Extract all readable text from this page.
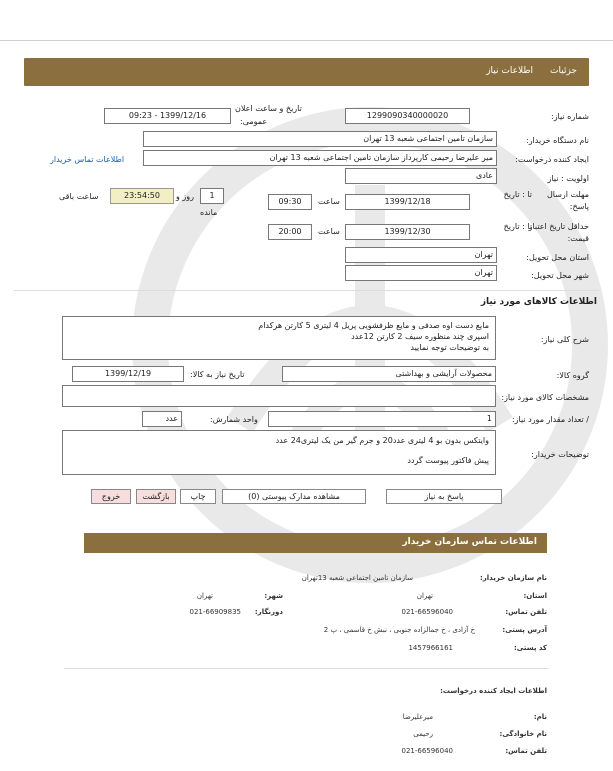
جزئیات
اطلاعات نیاز
شماره نیاز:
1299090340000020
تاریخ و ساعت اعلان
عمومی:
1399/12/16 - 09:23
نام دستگاه خریدار:
سازمان تامین اجتماعی شعبه 13 تهران
ایجاد کننده درخواست:
میر علیرضا رحیمی کارپرداز سازمان تامین اجتماعی شعبه 13 تهران
اطلاعات تماس خریدار
اولویت : نیاز
عادی
مهلت ارسال
پاسخ:
تا : تاریخ
1399/12/18
ساعت
09:30
1
روز و
مانده
23:54:50
ساعت باقی
حداقل تاریخ اعتبار
قیمت:
تا : تاریخ
1399/12/30
ساعت
20:00
استان محل تحویل:
تهران
شهر محل تحویل:
تهران
اطلاعات کالاهای مورد نیاز
شرح کلی نیاز:
مایع دست اوه صدفی و مایع ظرفشویی پریل 4 لیتری 5 کارتن هرکدام
اسپری چند منظوره سیف 2 کارتن 12عدد
به توضیحات توجه نمایید
گروه کالا:
محصولات آرایشی و بهداشتی
تاریخ نیاز به کالا:
1399/12/19
مشخصات کالای مورد نیاز:
/ تعداد مقدار مورد نیاز:
1
واحد شمارش:
عدد
توضیحات خریدار:
وایتکس بدون بو 4 لیتری عدد20 و جرم گیر من یک لیتری24 عدد
پیش فاکتور پیوست گردد
پاسخ به نیاز
مشاهده مدارک پیوستی (0)
چاپ
بازگشت
خروج
اطلاعات تماس سازمان خریدار
نام سازمان خریدار:
سازمان تامین اجتماعی شعبه 13تهران
استان:
تهران
شهر:
تهران
تلفن تماس:
021-66596040
دورنگار:
021-66909835
آدرس پستی:
خ آزادی ، خ جمالزاده جنوبی ، نبش خ قاسمی ، پ 2
کد پستی:
1457966161
اطلاعات ایجاد کننده درخواست:
نام:
میرعلیرضا
نام خانوادگی:
رحیمی
تلفن تماس:
021-66596040
